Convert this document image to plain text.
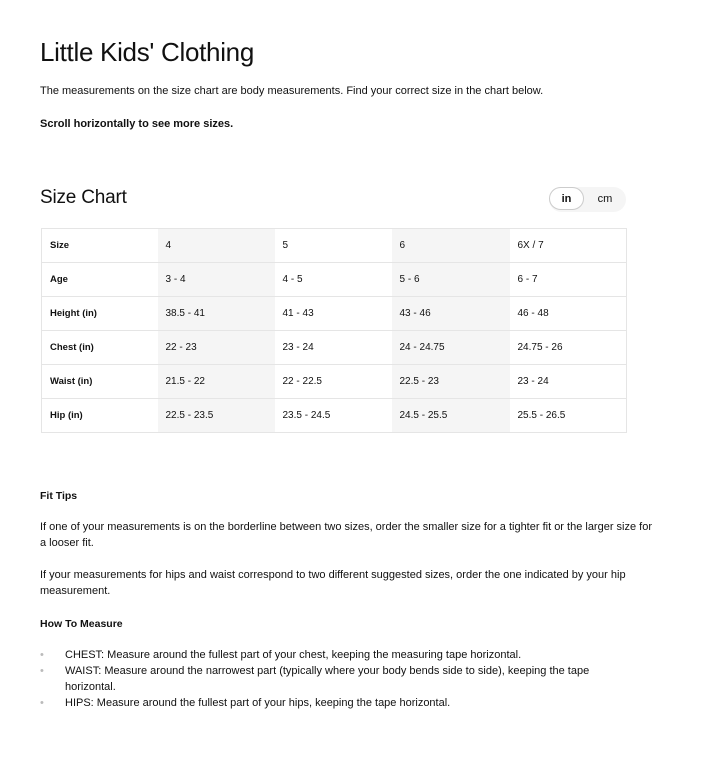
Little Kids' Clothing

The measurements on the size chart are body measurements. Find your correct size in the chart below.

Scroll horizontally to see more sizes.

Size Chart	in	cm
Size	4	5	6	6X / 7
Age	3 - 4	4 - 5	5 - 6	6 - 7
Height (in)	38.5 - 41	41 - 43	43 - 46	46 - 48
Chest (in)	22 - 23	23 - 24	24 - 24.75	24.75 - 26
Waist (in)	21.5 - 22	22 - 22.5	22.5 - 23	23 - 24
Hip (in)	22.5 - 23.5	23.5 - 24.5	24.5 - 25.5	25.5 - 26.5
Fit Tips

If one of your measurements is on the borderline between two sizes, order the smaller size for a tighter fit or the larger size for a looser fit.

If your measurements for hips and waist correspond to two different suggested sizes, order the one indicated by your hip measurement.

How To Measure
• CHEST: Measure around the fullest part of your chest, keeping the measuring tape horizontal.
• WAIST: Measure around the narrowest part (typically where your body bends side to side), keeping the tape horizontal.
• HIPS: Measure around the fullest part of your hips, keeping the tape horizontal.
